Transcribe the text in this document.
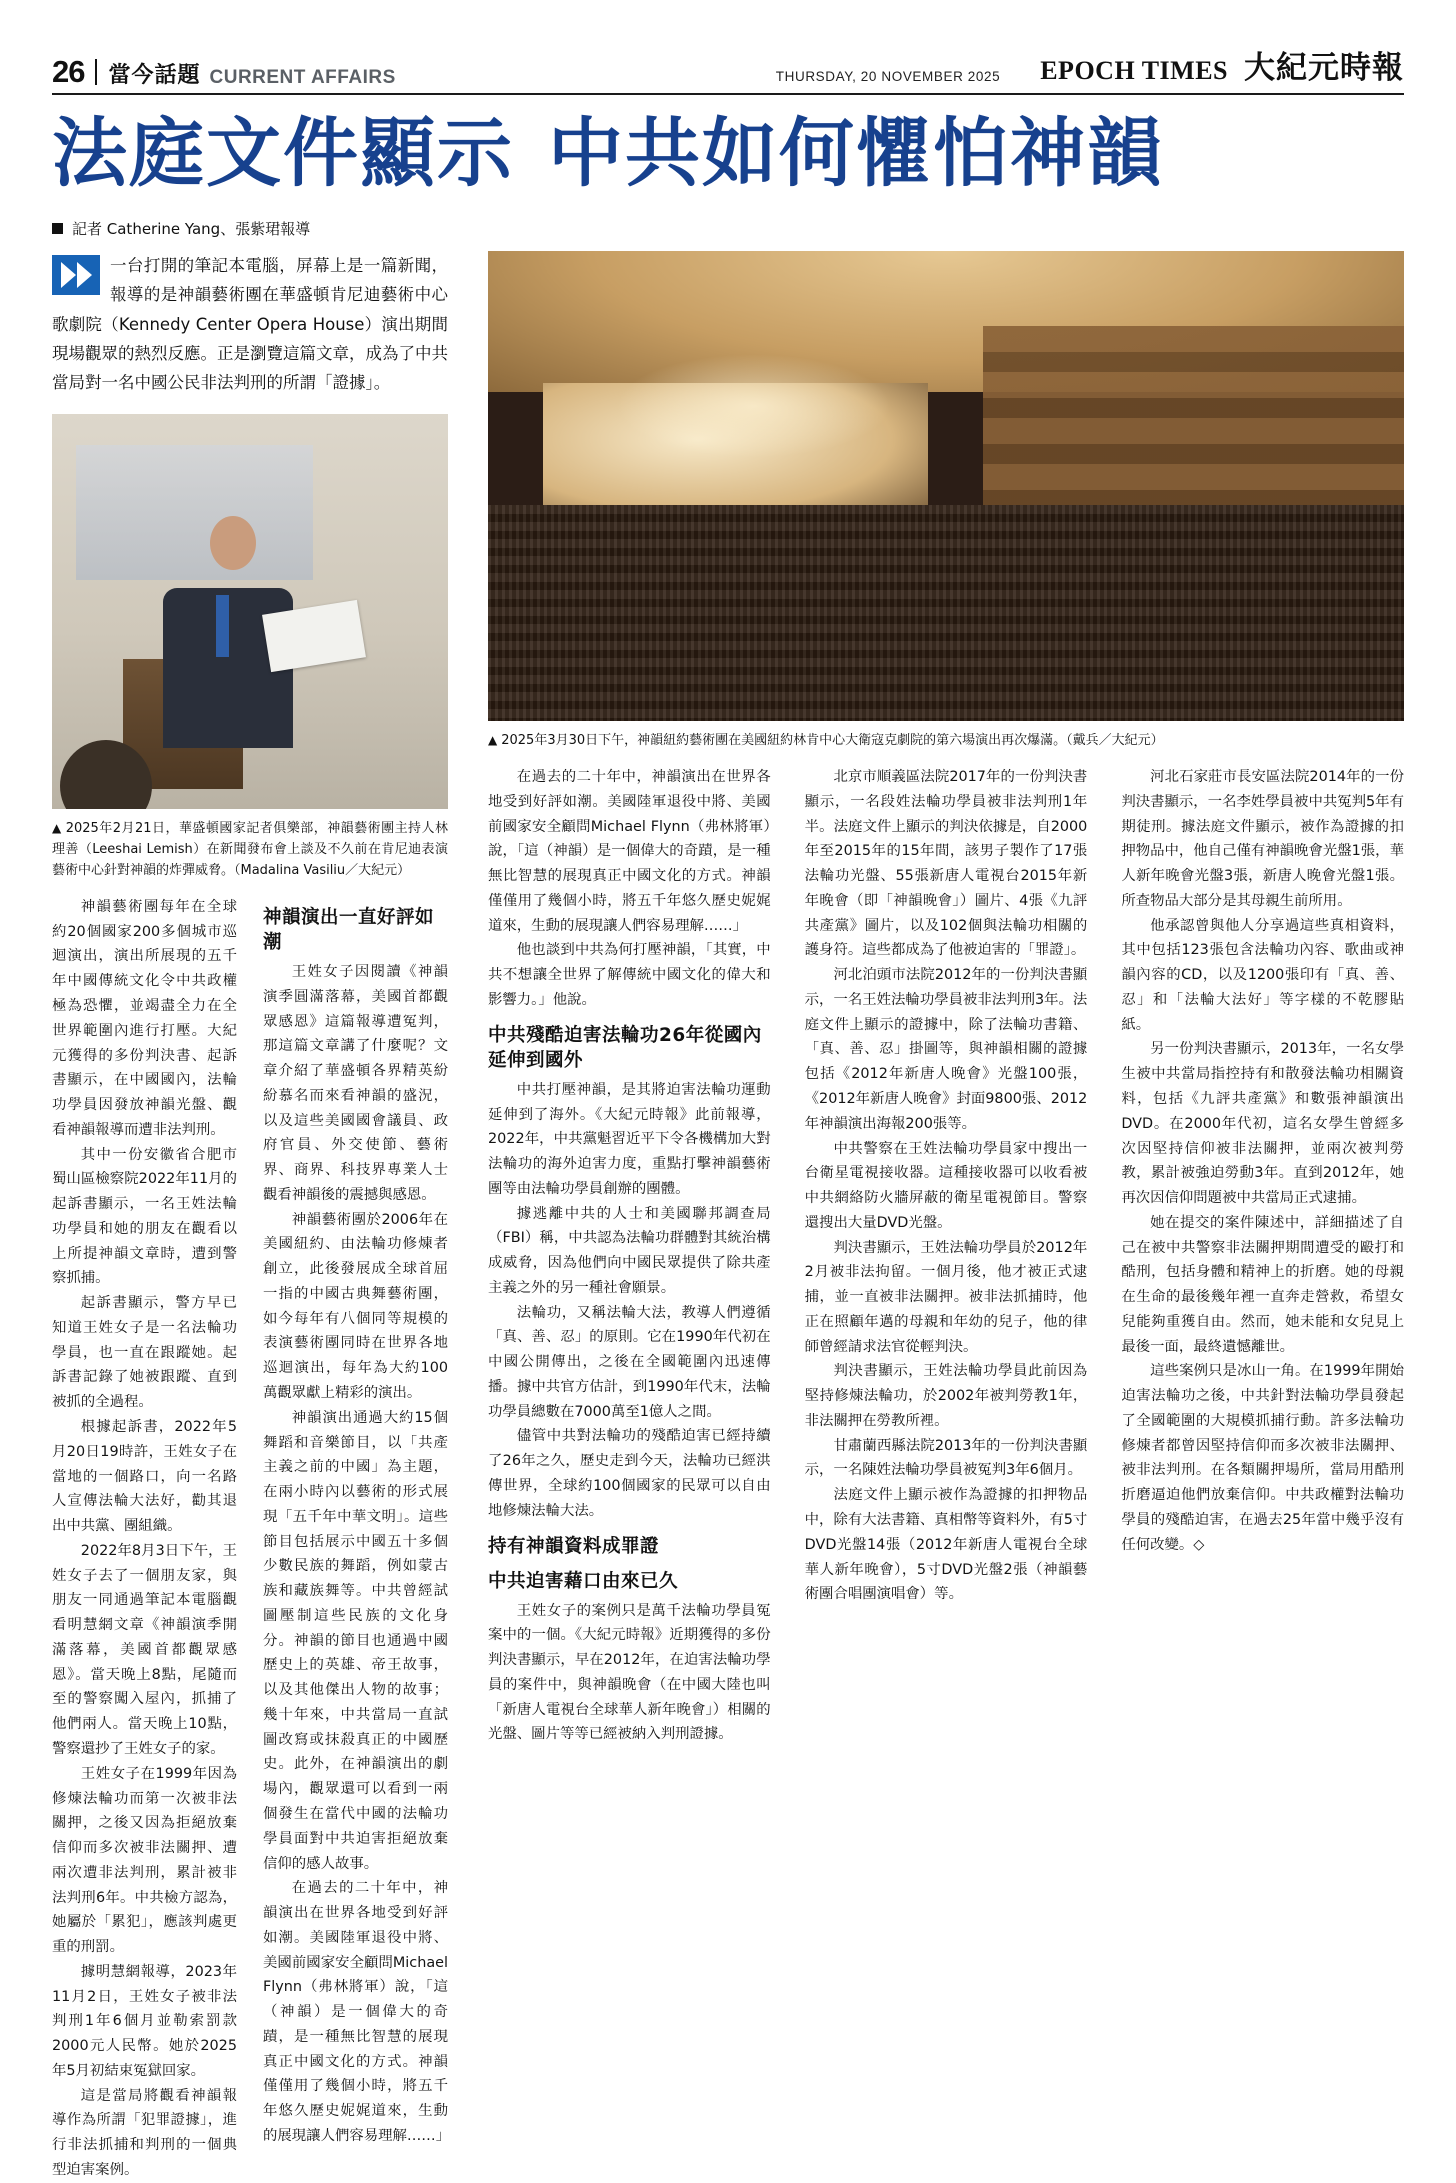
26 當今話題 CURRENT AFFAIRS	THURSDAY, 20 NOVEMBER 2025 EPOCH TIMES 大紀元時報
法庭文件顯示 中共如何懼怕神韻
記者 Catherine Yang、張紫珺報導
一台打開的筆記本電腦，屏幕上是一篇新聞，報導的是神韻藝術團在華盛頓肯尼迪藝術中心歌劇院（Kennedy Center Opera House）演出期間現場觀眾的熱烈反應。正是瀏覽這篇文章，成為了中共當局對一名中國公民非法判刑的所謂「證據」。
▲ 2025年2月21日，華盛頓國家記者俱樂部，神韻藝術團主持人林理善（Leeshai Lemish）在新聞發布會上談及不久前在肯尼迪表演藝術中心針對神韻的炸彈威脅。（Madalina Vasiliu／大紀元）

神韻藝術團每年在全球約20個國家200多個城市巡迴演出，演出所展現的五千年中國傳統文化令中共政權極為恐懼，並竭盡全力在全世界範圍內進行打壓。大紀元獲得的多份判決書、起訴書顯示，在中國國內，法輪功學員因發放神韻光盤、觀看神韻報導而遭非法判刑。

其中一份安徽省合肥市蜀山區檢察院2022年11月的起訴書顯示，一名王姓法輪功學員和她的朋友在觀看以上所提神韻文章時，遭到警察抓捕。

起訴書顯示，警方早已知道王姓女子是一名法輪功學員，也一直在跟蹤她。起訴書記錄了她被跟蹤、直到被抓的全過程。

根據起訴書，2022年5月20日19時許，王姓女子在當地的一個路口，向一名路人宣傳法輪大法好，勸其退出中共黨、團組織。

2022年8月3日下午，王姓女子去了一個朋友家，與朋友一同通過筆記本電腦觀看明慧網文章《神韻演季開滿落幕，美國首都觀眾感恩》。當天晚上8點，尾隨而至的警察闖入屋內，抓捕了他們兩人。當天晚上10點，警察還抄了王姓女子的家。

王姓女子在1999年因為修煉法輪功而第一次被非法關押，之後又因為拒絕放棄信仰而多次被非法關押、遭兩次遭非法判刑，累計被非法判刑6年。中共檢方認為，她屬於「累犯」，應該判處更重的刑罰。

據明慧網報導，2023年11月2日，王姓女子被非法判刑1年6個月並勒索罰款2000元人民幣。她於2025年5月初結束冤獄回家。

這是當局將觀看神韻報導作為所謂「犯罪證據」，進行非法抓捕和判刑的一個典型迫害案例。

神韻演出一直好評如潮

王姓女子因閱讀《神韻演季圓滿落幕，美國首都觀眾感恩》這篇報導遭冤判，那這篇文章講了什麼呢？文章介紹了華盛頓各界精英紛紛慕名而來看神韻的盛況，以及這些美國國會議員、政府官員、外交使節、藝術界、商界、科技界專業人士觀看神韻後的震撼與感恩。

神韻藝術團於2006年在美國紐約、由法輪功修煉者創立，此後發展成全球首屈一指的中國古典舞藝術團，如今每年有八個同等規模的表演藝術團同時在世界各地巡迴演出，每年為大約100萬觀眾獻上精彩的演出。

神韻演出通過大約15個舞蹈和音樂節目，以「共產主義之前的中國」為主題，在兩小時內以藝術的形式展現「五千年中華文明」。這些節目包括展示中國五十多個少數民族的舞蹈，例如蒙古族和藏族舞等。中共曾經試圖壓制這些民族的文化身分。神韻的節目也通過中國歷史上的英雄、帝王故事，以及其他傑出人物的故事；幾十年來，中共當局一直試圖改寫或抹殺真正的中國歷史。此外，在神韻演出的劇場內，觀眾還可以看到一兩個發生在當代中國的法輪功學員面對中共迫害拒絕放棄信仰的感人故事。

在過去的二十年中，神韻演出在世界各地受到好評如潮。美國陸軍退役中將、美國前國家安全顧問Michael Flynn（弗林將軍）說，「這（神韻）是一個偉大的奇蹟，是一種無比智慧的展現真正中國文化的方式。神韻僅僅用了幾個小時，將五千年悠久歷史妮娓道來，生動的展現讓人們容易理解……」

▲ 2025年3月30日下午，神韻紐約藝術團在美國紐約林肯中心大衛寇克劇院的第六場演出再次爆滿。（戴兵／大紀元）

在過去的二十年中，神韻演出在世界各地受到好評如潮。美國陸軍退役中將、美國前國家安全顧問Michael Flynn（弗林將軍）說，「這（神韻）是一個偉大的奇蹟，是一種無比智慧的展現真正中國文化的方式。神韻僅僅用了幾個小時，將五千年悠久歷史妮娓道來，生動的展現讓人們容易理解……」

他也談到中共為何打壓神韻，「其實，中共不想讓全世界了解傳統中國文化的偉大和影響力。」他說。

中共殘酷迫害法輪功26年從國內延伸到國外

中共打壓神韻，是其將迫害法輪功運動延伸到了海外。《大紀元時報》此前報導，2022年，中共黨魁習近平下令各機構加大對法輪功的海外迫害力度，重點打擊神韻藝術團等由法輪功學員創辦的團體。

據逃離中共的人士和美國聯邦調查局（FBI）稱，中共認為法輪功群體對其統治構成威脅，因為他們向中國民眾提供了除共產主義之外的另一種社會願景。

法輪功，又稱法輪大法，教導人們遵循「真、善、忍」的原則。它在1990年代初在中國公開傳出，之後在全國範圍內迅速傳播。據中共官方估計，到1990年代末，法輪功學員總數在7000萬至1億人之間。

儘管中共對法輪功的殘酷迫害已經持續了26年之久，歷史走到今天，法輪功已經洪傳世界，全球約100個國家的民眾可以自由地修煉法輪大法。

持有神韻資料成罪證
中共迫害藉口由來已久

王姓女子的案例只是萬千法輪功學員冤案中的一個。《大紀元時報》近期獲得的多份判決書顯示，早在2012年，在迫害法輪功學員的案件中，與神韻晚會（在中國大陸也叫「新唐人電視台全球華人新年晚會」）相關的光盤、圖片等等已經被納入判刑證據。

北京市順義區法院2017年的一份判決書顯示，一名段姓法輪功學員被非法判刑1年半。法庭文件上顯示的判決依據是，自2000年至2015年的15年間，該男子製作了17張法輪功光盤、55張新唐人電視台2015年新年晚會（即「神韻晚會」）圖片、4張《九評共產黨》圖片，以及102個與法輪功相關的護身符。這些都成為了他被迫害的「罪證」。

河北泊頭市法院2012年的一份判決書顯示，一名王姓法輪功學員被非法判刑3年。法庭文件上顯示的證據中，除了法輪功書籍、「真、善、忍」掛圖等，與神韻相關的證據包括《2012年新唐人晚會》光盤100張，《2012年新唐人晚會》封面9800張、2012年神韻演出海報200張等。

中共警察在王姓法輪功學員家中搜出一台衛星電視接收器。這種接收器可以收看被中共網絡防火牆屏蔽的衛星電視節目。警察還搜出大量DVD光盤。

判決書顯示，王姓法輪功學員於2012年2月被非法拘留。一個月後，他才被正式逮捕，並一直被非法關押。被非法抓捕時，他正在照顧年邁的母親和年幼的兒子，他的律師曾經請求法官從輕判決。

判決書顯示，王姓法輪功學員此前因為堅持修煉法輪功，於2002年被判勞教1年，非法關押在勞教所裡。

甘肅蘭西縣法院2013年的一份判決書顯示，一名陳姓法輪功學員被冤判3年6個月。

法庭文件上顯示被作為證據的扣押物品中，除有大法書籍、真相幣等資料外，有5寸DVD光盤14張（2012年新唐人電視台全球華人新年晚會），5寸DVD光盤2張（神韻藝術團合唱團演唱會）等。

河北石家莊市長安區法院2014年的一份判決書顯示，一名李姓學員被中共冤判5年有期徒刑。據法庭文件顯示，被作為證據的扣押物品中，他自己僅有神韻晚會光盤1張，華人新年晚會光盤3張，新唐人晚會光盤1張。所查物品大部分是其母親生前所用。

他承認曾與他人分享過這些真相資料，其中包括123張包含法輪功內容、歌曲或神韻內容的CD，以及1200張印有「真、善、忍」和「法輪大法好」等字樣的不乾膠貼紙。

另一份判決書顯示，2013年，一名女學生被中共當局指控持有和散發法輪功相關資料，包括《九評共產黨》和數張神韻演出DVD。在2000年代初，這名女學生曾經多次因堅持信仰被非法關押，並兩次被判勞教，累計被強迫勞動3年。直到2012年，她再次因信仰問題被中共當局正式逮捕。

她在提交的案件陳述中，詳細描述了自己在被中共警察非法關押期間遭受的毆打和酷刑，包括身體和精神上的折磨。她的母親在生命的最後幾年裡一直奔走營救，希望女兒能夠重獲自由。然而，她未能和女兒見上最後一面，最終遺憾離世。

這些案例只是冰山一角。在1999年開始迫害法輪功之後，中共針對法輪功學員發起了全國範圍的大規模抓捕行動。許多法輪功修煉者都曾因堅持信仰而多次被非法關押、被非法判刑。在各類關押場所，當局用酷刑折磨逼迫他們放棄信仰。中共政權對法輪功學員的殘酷迫害，在過去25年當中幾乎沒有任何改變。◇
